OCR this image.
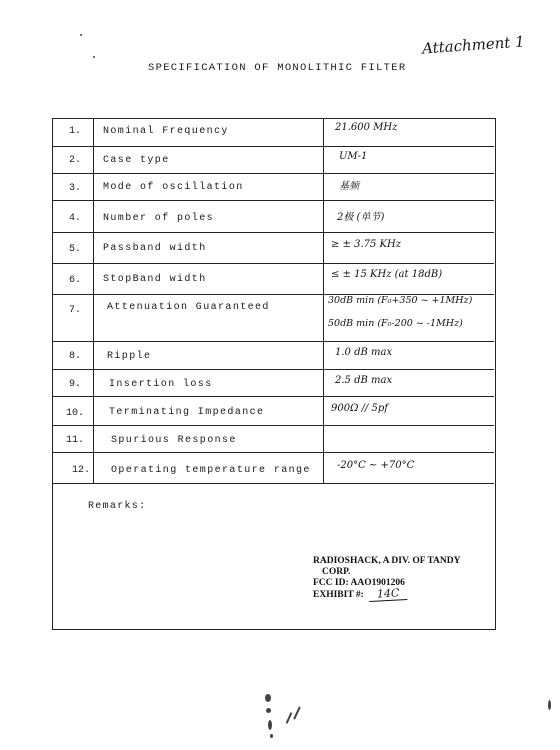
SPECIFICATION OF MONOLITHIC FILTER
Attachment 1
1.	Nominal Frequency	21.600 MHz
2.	Case type	UM-1
3.	Mode of oscillation	基频
4.	Number of poles	2极 (单节)
5.	Passband width	≥ ± 3.75 KHz
6.	StopBand width	≤ ± 15 KHz (at 18dB)
7.	Attenuation Guaranteed
30dB min (F₀+350 ~ +1MHz)
50dB min (F₀-200 ~ -1MHz)
8.	Ripple	1.0 dB max
9.	Insertion loss	2.5 dB max
10.	Terminating Impedance	900Ω // 5pf
11.	Spurious Response
12.	Operating temperature range	-20°C ~ +70°C
Remarks:
RADIOSHACK, A DIV. OF TANDY
CORP.
FCC ID: AAO1901206
EXHIBIT #:	14C
